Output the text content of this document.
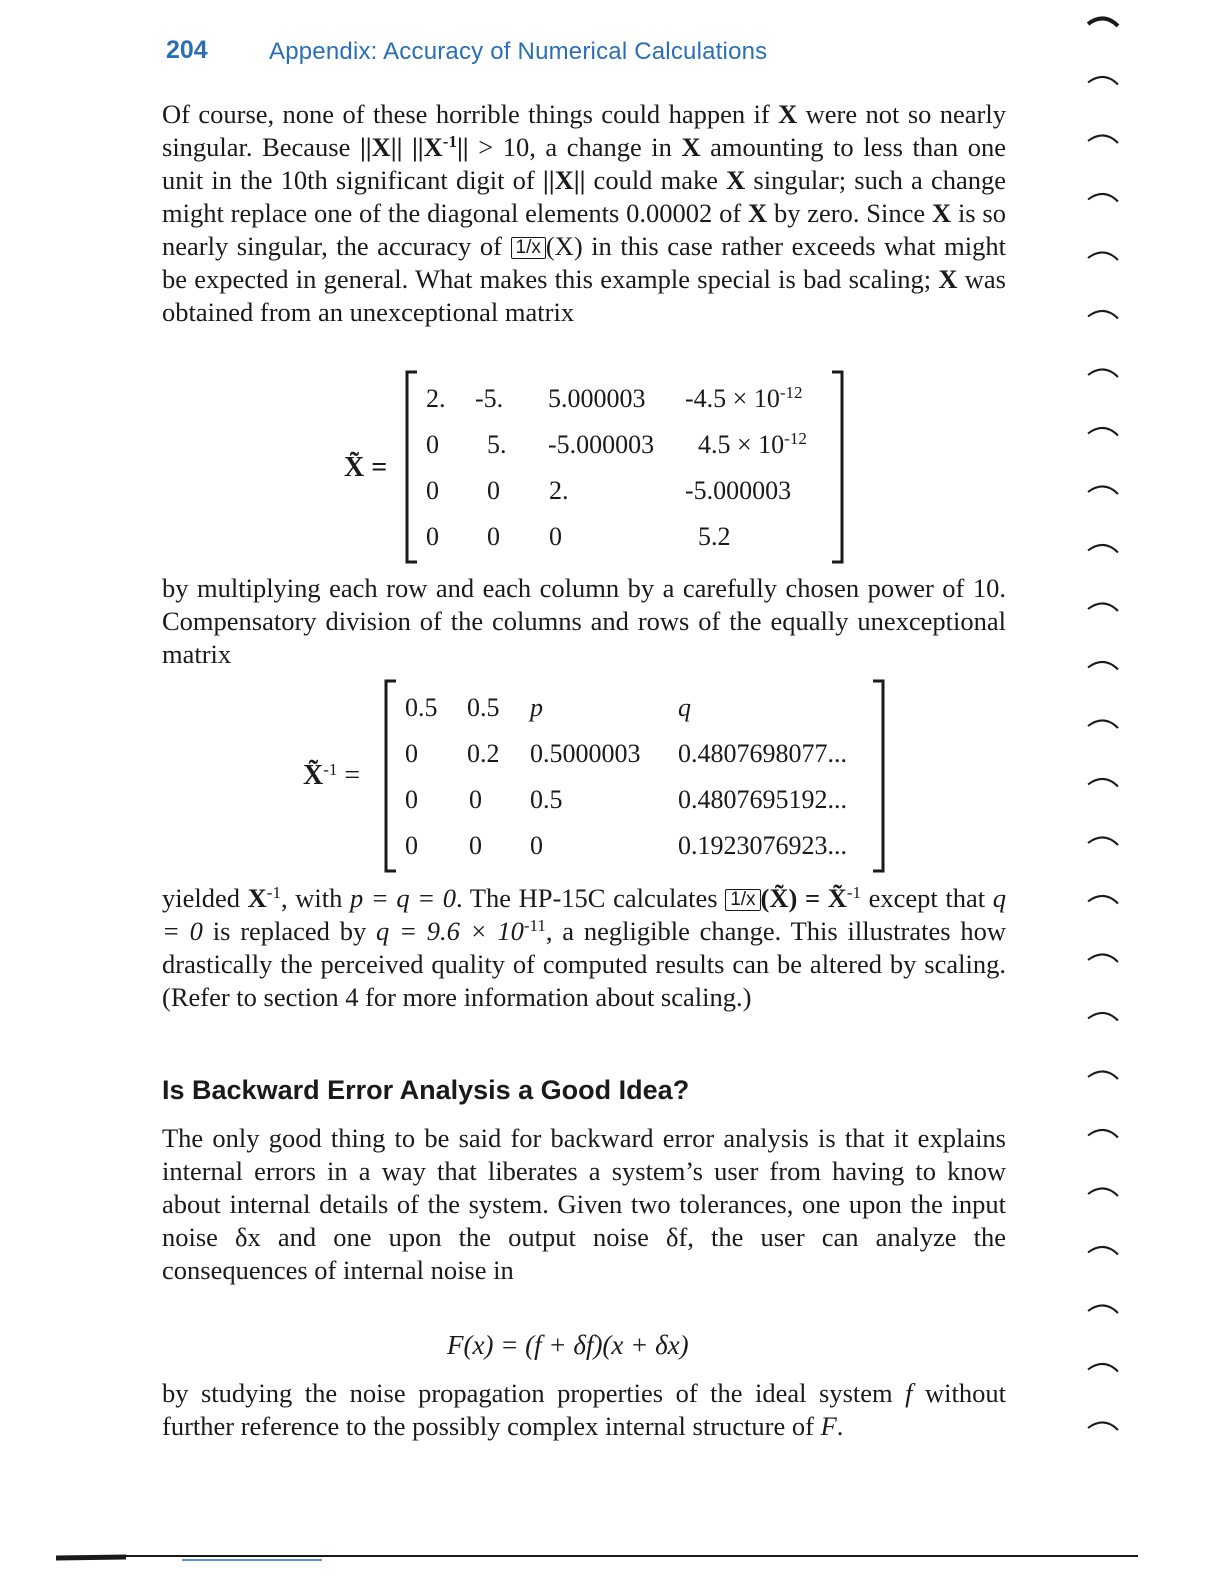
204	Appendix: Accuracy of Numerical Calculations

Of course, none of these horrible things could happen if X were not so nearly singular. Because ||X|| $||X^{-1}|| > 10$, a change in X amounting to less than one unit in the 10th significant digit of ||X|| could make X singular; such a change might replace one of the diagonal elements 0.00002 of X by zero. Since X is so nearly singular, the accuracy of 1/x (X) in this case rather exceeds what might be expected in general. What makes this example special is bad scaling; X was obtained from an unexceptional matrix

X̃ =
2. -5. 5.000003 $-4.5 \times 10^{-12}$
0 5. -5.000003 $4.5 \times 10^{-12}$
0 0 2.	-5.000003
0 0 0	5.2

by multiplying each row and each column by a carefully chosen power of 10. Compensatory division of the columns and rows of the equally unexceptional matrix

X̃$^{-1}$ =
0.5 0.5 p	q
0 0.2 0.5000003 0.4807698077...
0 0 0.5	0.4807695192...
0 0 0	0.1923076923...

yielded $X^{-1}$, with p = q = 0. The HP-15C calculates 1/x (X̃) = X̃$^{-1}$ except that q = 0 is replaced by $q = 9.6 \times 10^{-11}$, a negligible change. This illustrates how drastically the perceived quality of computed results can be altered by scaling. (Refer to section 4 for more information about scaling.)

Is Backward Error Analysis a Good Idea?

The only good thing to be said for backward error analysis is that it explains internal errors in a way that liberates a system’s user from having to know about internal details of the system. Given two tolerances, one upon the input noise δx and one upon the output noise δf, the user can analyze the consequences of internal noise in

F(x) = (f + δf)(x + δx)

by studying the noise propagation properties of the ideal system f without further reference to the possibly complex internal structure of F.
